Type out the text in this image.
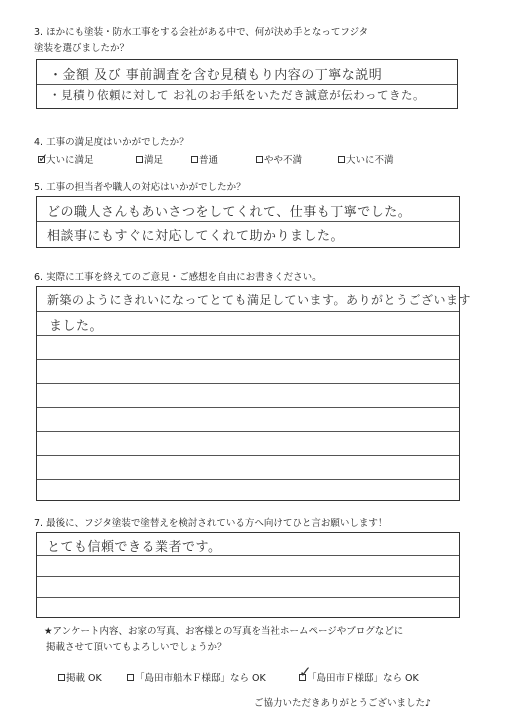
3. ほかにも塗装・防水工事をする会社がある中で、何が決め手となってフジタ
塗装を選びましたか？
・金額 及び 事前調査を含む見積もり内容の丁寧な説明
・見積り依頼に対して お礼のお手紙をいただき誠意が伝わってきた。
4. 工事の満足度はいかがでしたか？
✓
大いに満足	満足	普通	やや不満	大いに不満
5. 工事の担当者や職人の対応はいかがでしたか？
どの職人さんもあいさつをしてくれて、仕事も丁寧でした。
相談事にもすぐに対応してくれて助かりました。
6. 実際に工事を終えてのご意見・ご感想を自由にお書きください。
新築のようにきれいになってとても満足しています。ありがとうございます
ました。
7. 最後に、フジタ塗装で塗替えを検討されている方へ向けてひと言お願いします！
とても信頼できる業者です。
★アンケート内容、お家の写真、お客様との写真を当社ホームページやブログなどに
掲載させて頂いてもよろしいでしょうか？
掲載 OK	「島田市船木Ｆ様邸」なら OK ✓
「島田市Ｆ様邸」なら OK
ご協力いただきありがとうございました♪
